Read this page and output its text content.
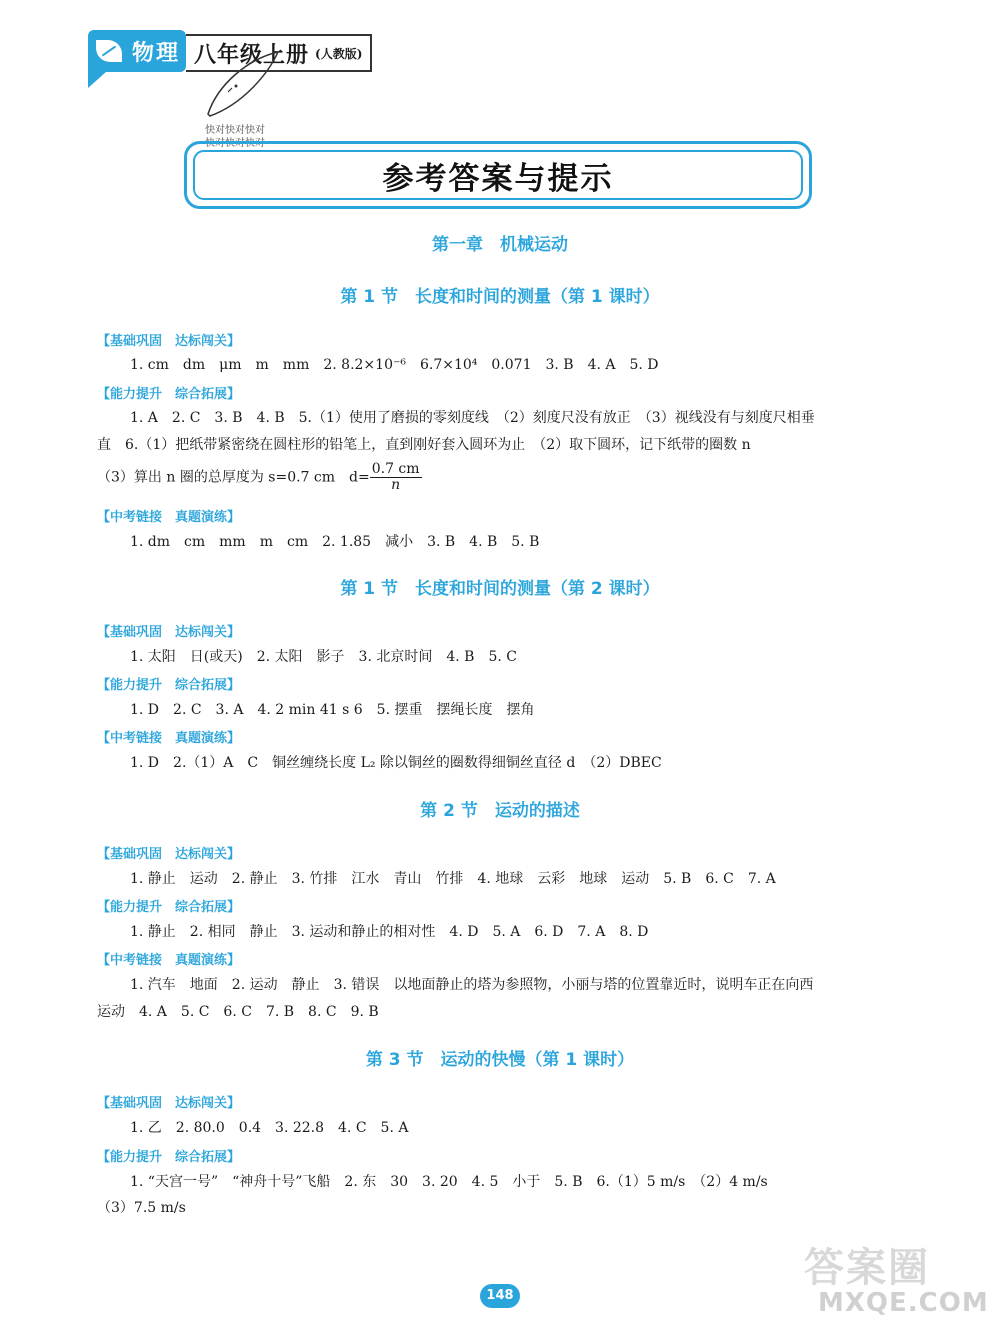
物理 八年级上册 (人教版)
快对快对快对
快对快对快对
参考答案与提示
第一章　机械运动
第 1 节　长度和时间的测量（第 1 课时）
【基础巩固　达标闯关】
1. cm　dm　μm　m　mm　2. 8.2×10⁻⁶　6.7×10⁴　0.071　3. B　4. A　5. D
【能力提升　综合拓展】
1. A　2. C　3. B　4. B　5.（1）使用了磨损的零刻度线　（2）刻度尺没有放正　（3）视线没有与刻度尺相垂
直　6.（1）把纸带紧密绕在圆柱形的铅笔上，直到刚好套入圆环为止　（2）取下圆环，记下纸带的圈数 n
（3）算出 n 圈的总厚度为 s=0.7 cm　$d= \frac{0.7 cm}{n}$
【中考链接　真题演练】
1. dm　cm　mm　m　cm　2. 1.85　减小　3. B　4. B　5. B
第 1 节　长度和时间的测量（第 2 课时）
【基础巩固　达标闯关】
1. 太阳　日(或天)　2. 太阳　影子　3. 北京时间　4. B　5. C
【能力提升　综合拓展】
1. D　2. C　3. A　4. 2 min 41 s 6　5. 摆重　摆绳长度　摆角
【中考链接　真题演练】
1. D　2.（1）A　C　铜丝缠绕长度 L₂ 除以铜丝的圈数得细铜丝直径 d　（2）DBEC
第 2 节　运动的描述
【基础巩固　达标闯关】
1. 静止　运动　2. 静止　3. 竹排　江水　青山　竹排　4. 地球　云彩　地球　运动　5. B　6. C　7. A
【能力提升　综合拓展】
1. 静止　2. 相同　静止　3. 运动和静止的相对性　4. D　5. A　6. D　7. A　8. D
【中考链接　真题演练】
1. 汽车　地面　2. 运动　静止　3. 错误　以地面静止的塔为参照物，小丽与塔的位置靠近时，说明车正在向西
运动　4. A　5. C　6. C　7. B　8. C　9. B
第 3 节　运动的快慢（第 1 课时）
【基础巩固　达标闯关】
1. 乙　2. 80.0　0.4　3. 22.8　4. C　5. A
【能力提升　综合拓展】
1. “天宫一号”　“神舟十号”飞船　2. 东　30　3. 20　4. 5　小于　5. B　6.（1）5 m/s　（2）4 m/s
（3）7.5 m/s
148
答案圈
MXQE.COM
